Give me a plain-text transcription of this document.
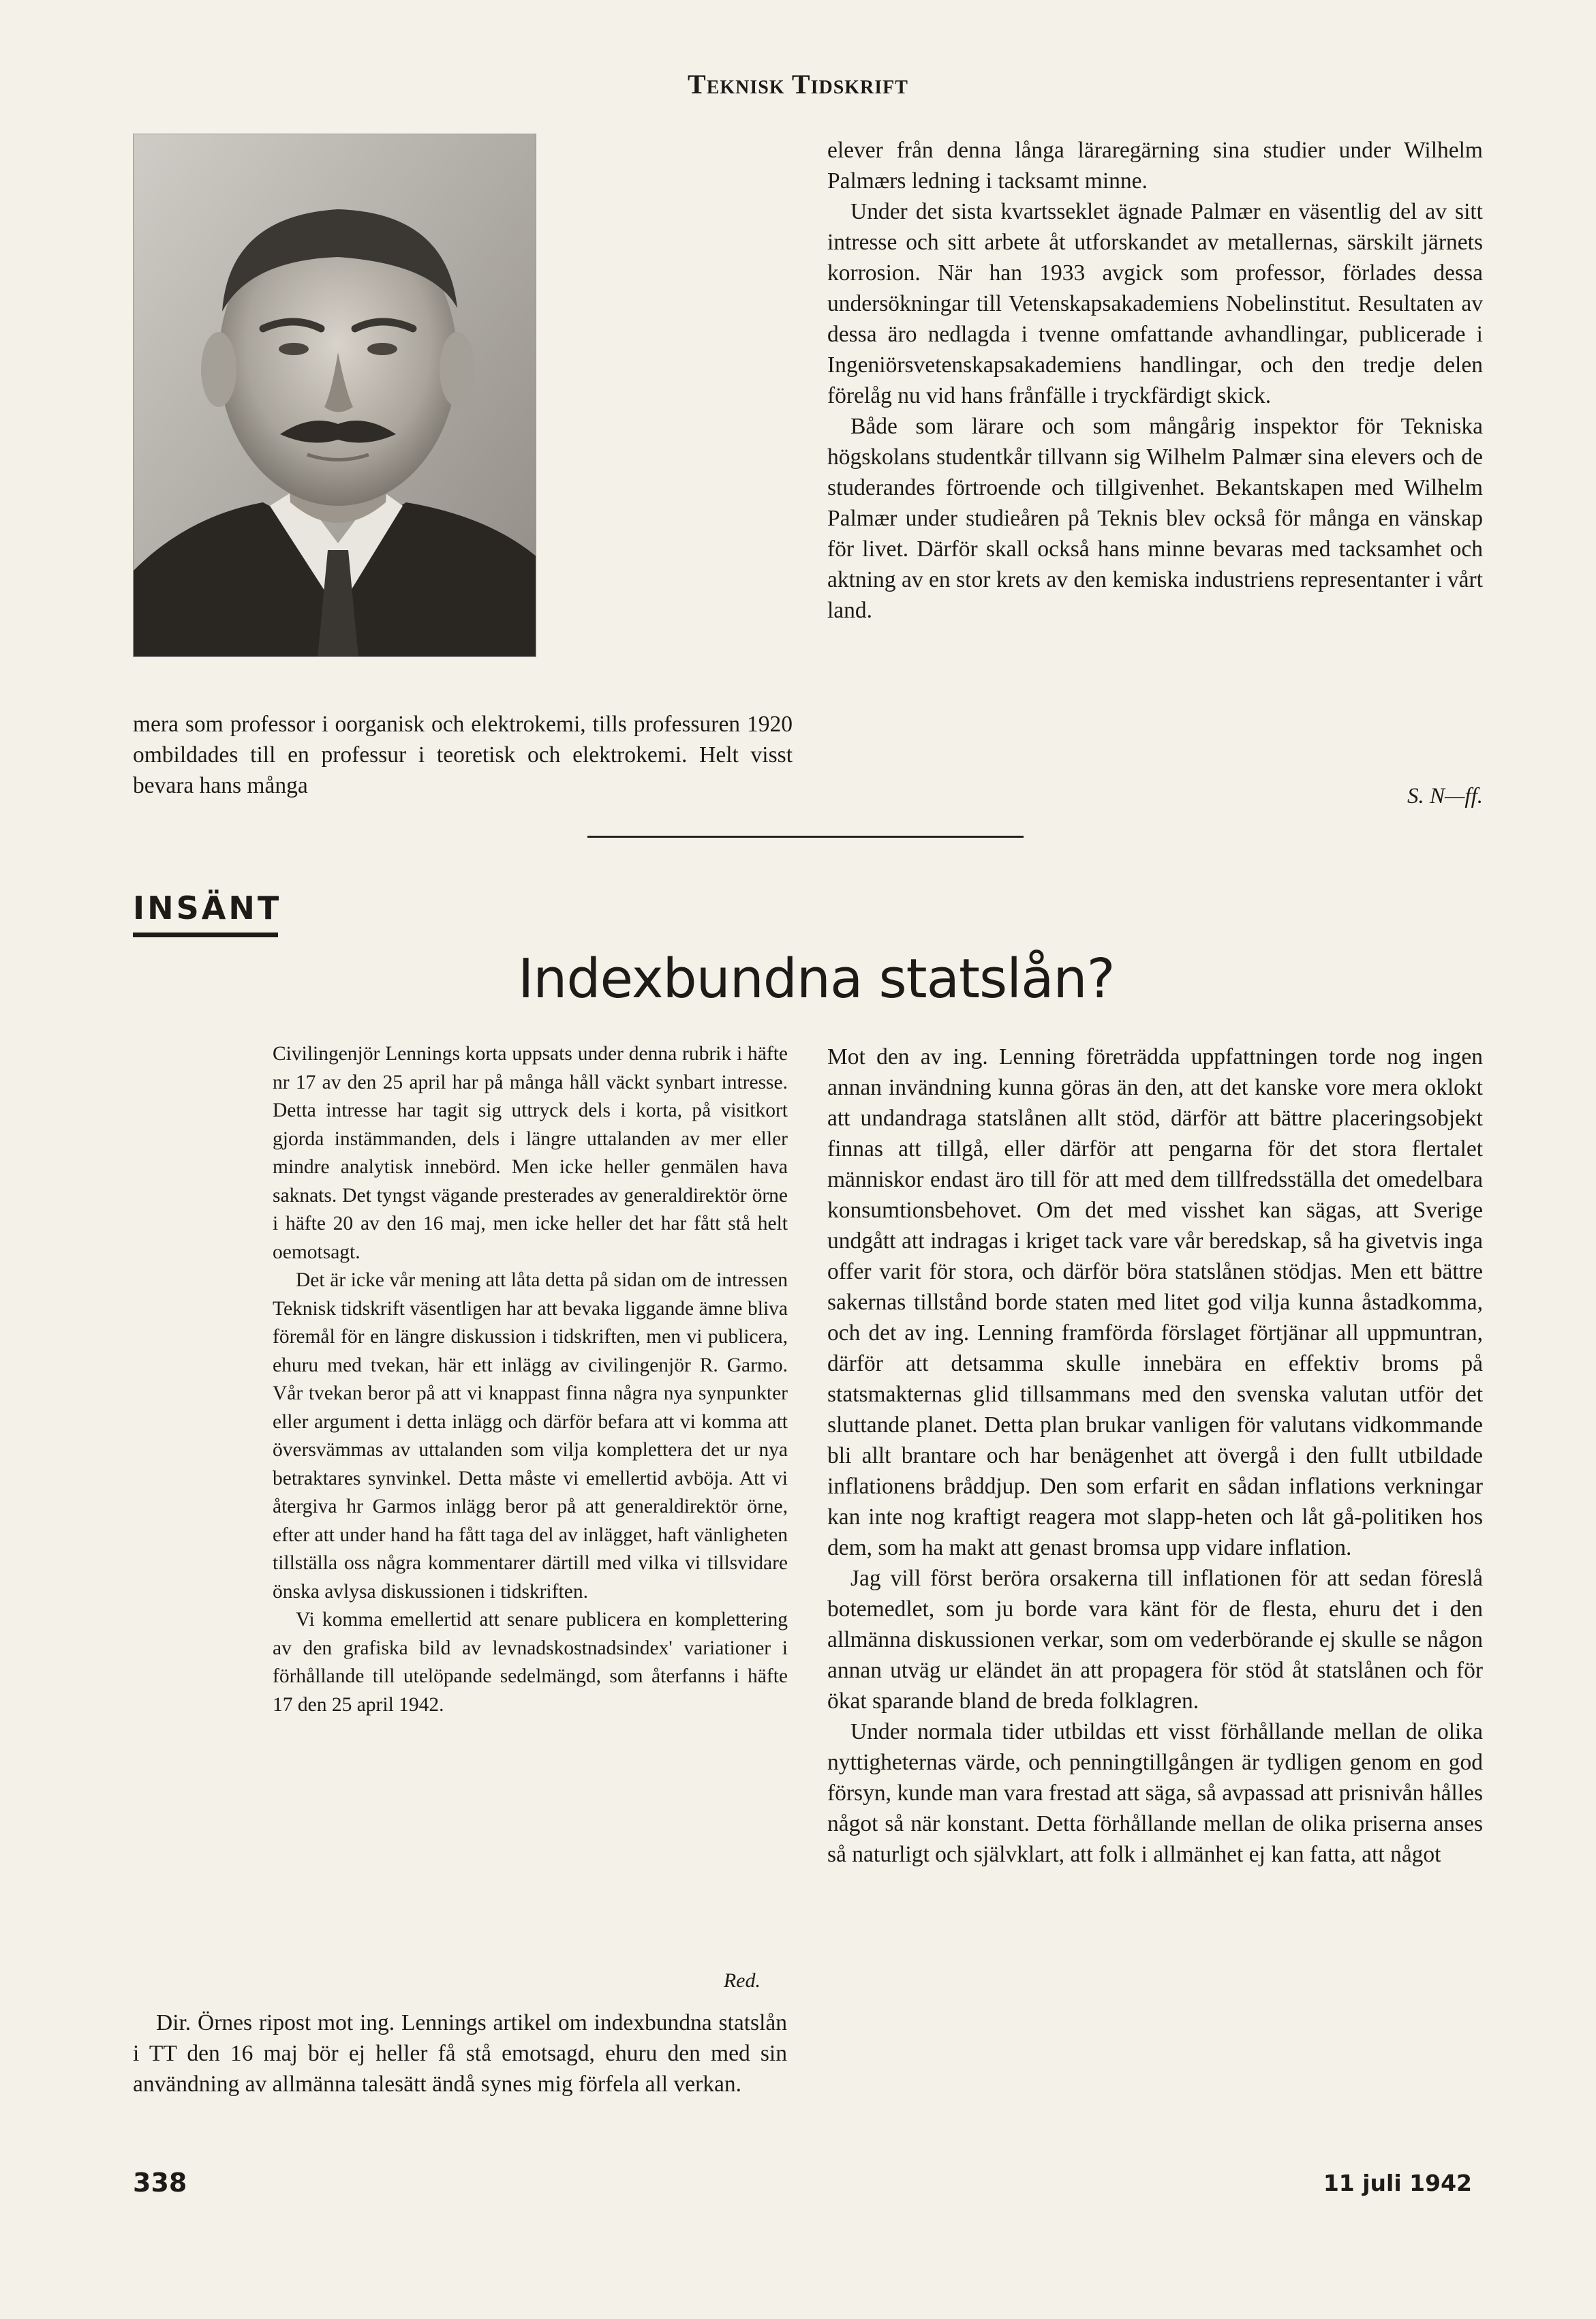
Teknisk Tidskrift

mera som professor i oorganisk och elektrokemi, tills professuren 1920 ombildades till en professur i teoretisk och elektrokemi. Helt visst bevara hans många

elever från denna långa läraregärning sina studier under Wilhelm Palmærs ledning i tacksamt minne.

Under det sista kvartsseklet ägnade Palmær en väsentlig del av sitt intresse och sitt arbete åt utforskandet av metallernas, särskilt järnets korrosion. När han 1933 avgick som professor, förlades dessa undersökningar till Vetenskapsakademiens Nobelinstitut. Resultaten av dessa äro nedlagda i tvenne omfattande avhandlingar, publicerade i Ingeniörsvetenskapsakademiens handlingar, och den tredje delen förelåg nu vid hans frånfälle i tryckfärdigt skick.

Både som lärare och som mångårig inspektor för Tekniska högskolans studentkår tillvann sig Wilhelm Palmær sina elevers och de studerandes förtroende och tillgivenhet. Bekantskapen med Wilhelm Palmær under studieåren på Teknis blev också för många en vänskap för livet. Därför skall också hans minne bevaras med tacksamhet och aktning av en stor krets av den kemiska industriens representanter i vårt land.

S. N—ff.
INSÄNT
Indexbundna statslån?

Civilingenjör Lennings korta uppsats under denna rubrik i häfte nr 17 av den 25 april har på många håll väckt synbart intresse. Detta intresse har tagit sig uttryck dels i korta, på visitkort gjorda instämmanden, dels i längre uttalanden av mer eller mindre analytisk innebörd. Men icke heller genmälen hava saknats. Det tyngst vägande presterades av generaldirektör örne i häfte 20 av den 16 maj, men icke heller det har fått stå helt oemotsagt.

Det är icke vår mening att låta detta på sidan om de intressen Teknisk tidskrift väsentligen har att bevaka liggande ämne bliva föremål för en längre diskussion i tidskriften, men vi publicera, ehuru med tvekan, här ett inlägg av civilingenjör R. Garmo. Vår tvekan beror på att vi knappast finna några nya synpunkter eller argument i detta inlägg och därför befara att vi komma att översvämmas av uttalanden som vilja komplettera det ur nya betraktares synvinkel. Detta måste vi emellertid avböja. Att vi återgiva hr Garmos inlägg beror på att generaldirektör örne, efter att under hand ha fått taga del av inlägget, haft vänligheten tillställa oss några kommentarer därtill med vilka vi tillsvidare önska avlysa diskussionen i tidskriften.

Vi komma emellertid att senare publicera en komplettering av den grafiska bild av levnadskostnadsindex' variationer i förhållande till utelöpande sedelmängd, som återfanns i häfte 17 den 25 april 1942.

Red.

Dir. Örnes ripost mot ing. Lennings artikel om indexbundna statslån i TT den 16 maj bör ej heller få stå emotsagd, ehuru den med sin användning av allmänna talesätt ändå synes mig förfela all verkan.

Mot den av ing. Lenning företrädda uppfattningen torde nog ingen annan invändning kunna göras än den, att det kanske vore mera oklokt att undandraga statslånen allt stöd, därför att bättre placeringsobjekt finnas att tillgå, eller därför att pengarna för det stora flertalet människor endast äro till för att med dem tillfredsställa det omedelbara konsumtionsbehovet. Om det med visshet kan sägas, att Sverige undgått att indragas i kriget tack vare vår beredskap, så ha givetvis inga offer varit för stora, och därför böra statslånen stödjas. Men ett bättre sakernas tillstånd borde staten med litet god vilja kunna åstadkomma, och det av ing. Lenning framförda förslaget förtjänar all uppmuntran, därför att detsamma skulle innebära en effektiv broms på statsmakternas glid tillsammans med den svenska valutan utför det sluttande planet. Detta plan brukar vanligen för valutans vidkommande bli allt brantare och har benägenhet att övergå i den fullt utbildade inflationens bråddjup. Den som erfarit en sådan inflations verkningar kan inte nog kraftigt reagera mot slapp-heten och låt gå-politiken hos dem, som ha makt att genast bromsa upp vidare inflation.

Jag vill först beröra orsakerna till inflationen för att sedan föreslå botemedlet, som ju borde vara känt för de flesta, ehuru det i den allmänna diskussionen verkar, som om vederbörande ej skulle se någon annan utväg ur eländet än att propagera för stöd åt statslånen och för ökat sparande bland de breda folklagren.

Under normala tider utbildas ett visst förhållande mellan de olika nyttigheternas värde, och penningtillgången är tydligen genom en god försyn, kunde man vara frestad att säga, så avpassad att prisnivån hålles något så när konstant. Detta förhållande mellan de olika priserna anses så naturligt och självklart, att folk i allmänhet ej kan fatta, att något

338	11 juli 1942
